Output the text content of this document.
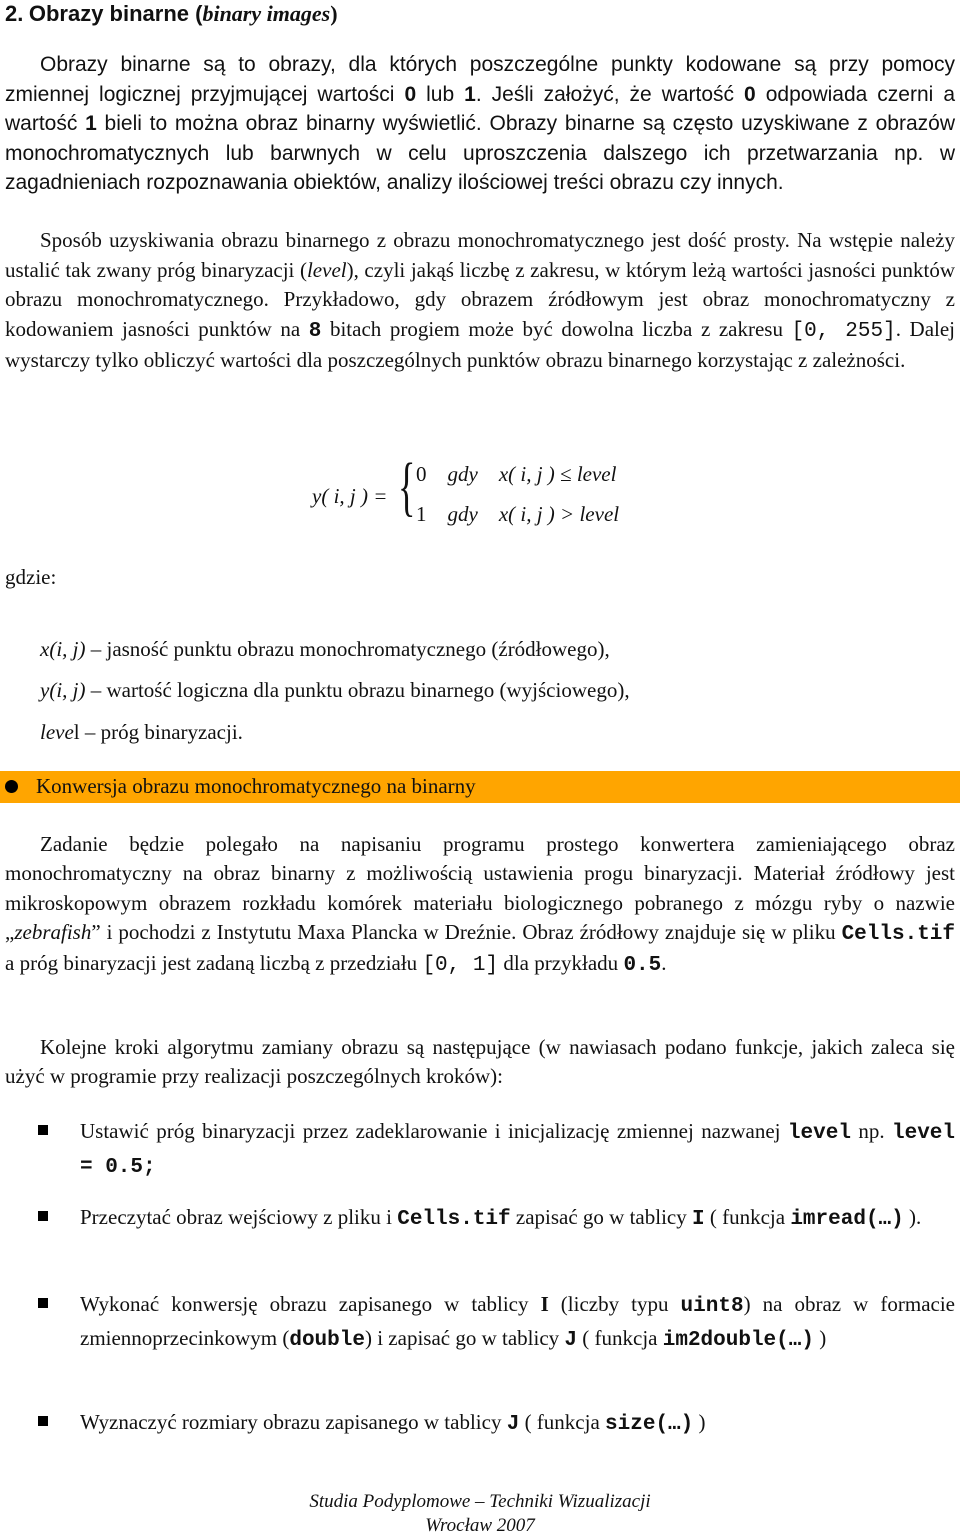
2. Obrazy binarne (binary images)
Obrazy binarne są to obrazy, dla których poszczególne punkty kodowane są przy pomocy zmiennej logicznej przyjmującej wartości 0 lub 1. Jeśli założyć, że wartość 0 odpowiada czerni a wartość 1 bieli to można obraz binarny wyświetlić. Obrazy binarne są często uzyskiwane z obrazów monochromatycznych lub barwnych w celu uproszczenia dalszego ich przetwarzania np. w zagadnieniach rozpoznawania obiektów, analizy ilościowej treści obrazu czy innych.
Sposób uzyskiwania obrazu binarnego z obrazu monochromatycznego jest dość prosty. Na wstępie należy ustalić tak zwany próg binaryzacji (level), czyli jakąś liczbę z zakresu, w którym leżą wartości jasności punktów obrazu monochromatycznego. Przykładowo, gdy obrazem źródłowym jest obraz monochromatyczny z kodowaniem jasności punktów na 8 bitach progiem może być dowolna liczba z zakresu [0, 255]. Dalej wystarczy tylko obliczyć wartości dla poszczególnych punktów obrazu binarnego korzystając z zależności.
y( i, j ) = { 0 gdy x( i, j ) ≤ level
1 gdy x( i, j ) > level
gdzie:
x(i, j) – jasność punktu obrazu monochromatycznego (źródłowego),
y(i, j) – wartość logiczna dla punktu obrazu binarnego (wyjściowego),
level – próg binaryzacji.
Konwersja obrazu monochromatycznego na binarny
Zadanie będzie polegało na napisaniu programu prostego konwertera zamieniającego obraz monochromatyczny na obraz binarny z możliwością ustawienia progu binaryzacji. Materiał źródłowy jest mikroskopowym obrazem rozkładu komórek materiału biologicznego pobranego z mózgu ryby o nazwie „zebrafish” i pochodzi z Instytutu Maxa Plancka w Dreźnie. Obraz źródłowy znajduje się w pliku Cells.tif a próg binaryzacji jest zadaną liczbą z przedziału [0, 1] dla przykładu 0.5.
Kolejne kroki algorytmu zamiany obrazu są następujące (w nawiasach podano funkcje, jakich zaleca się użyć w programie przy realizacji poszczególnych kroków):
Ustawić próg binaryzacji przez zadeklarowanie i inicjalizację zmiennej nazwanej level np. level = 0.5;
Przeczytać obraz wejściowy z pliku i Cells.tif zapisać go w tablicy I ( funkcja imread(…) ).
Wykonać konwersję obrazu zapisanego w tablicy I (liczby typu uint8) na obraz w formacie zmiennoprzecinkowym (double) i zapisać go w tablicy J ( funkcja im2double(…) )
Wyznaczyć rozmiary obrazu zapisanego w tablicy J ( funkcja size(…) )
Studia Podyplomowe – Techniki Wizualizacji
Wrocław 2007
